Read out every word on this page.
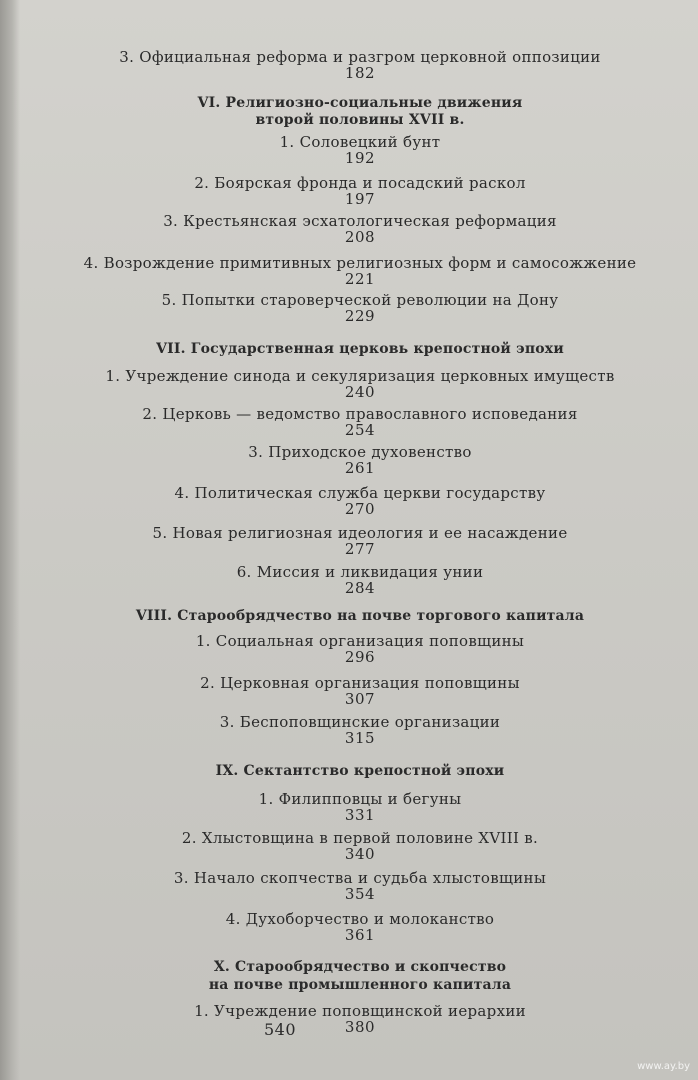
3. Официальная реформа и разгром церковной оппозиции
182
VI. Религиозно-социальные движения
второй половины XVII в.
1. Соловецкий бунт
192
2. Боярская фронда и посадский раскол
197
3. Крестьянская эсхатологическая реформация
208
4. Возрождение примитивных религиозных форм и самосожжение
221
5. Попытки староверческой революции на Дону
229
VII. Государственная церковь крепостной эпохи
1. Учреждение синода и секуляризация церковных имуществ
240
2. Церковь — ведомство православного исповедания
254
3. Приходское духовенство
261
4. Политическая служба церкви государству
270
5. Новая религиозная идеология и ее насаждение
277
6. Миссия и ликвидация унии
284
VIII. Старообрядчество на почве торгового капитала
1. Социальная организация поповщины
296
2. Церковная организация поповщины
307
3. Беспоповщинские организации
315
IX. Сектантство крепостной эпохи
1. Филипповцы и бегуны
331
2. Хлыстовщина в первой половине XVIII в.
340
3. Начало скопчества и судьба хлыстовщины
354
4. Духоборчество и молоканство
361
X. Старообрядчество и скопчество
на почве промышленного капитала
1. Учреждение поповщинской иерархии
380
540
www.ay.by
